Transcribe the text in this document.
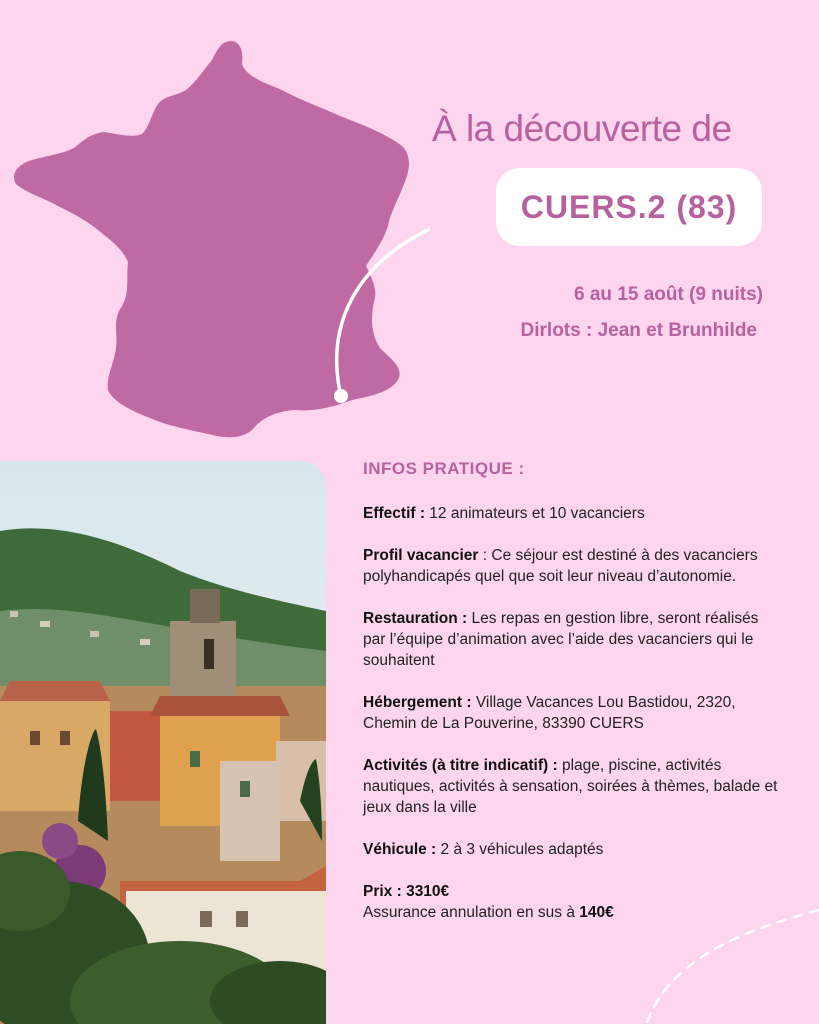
À la découverte de
CUERS.2 (83)
6 au 15 août (9 nuits)
Dirlots : Jean et Brunhilde
INFOS PRATIQUE :
Effectif : 12 animateurs et 10 vacanciers
Profil vacancier : Ce séjour est destiné à des vacanciers polyhandicapés quel que soit leur niveau d’autonomie.
Restauration : Les repas en gestion libre, seront réalisés par l’équipe d’animation avec l’aide des vacanciers qui le souhaitent
Hébergement : Village Vacances Lou Bastidou, 2320, Chemin de La Pouverine, 83390 CUERS
Activités (à titre indicatif) : plage, piscine, activités nautiques, activités à sensation, soirées à thèmes, balade et jeux dans la ville
Véhicule : 2 à 3 véhicules adaptés
Prix : 3310€
Assurance annulation en sus à 140€
